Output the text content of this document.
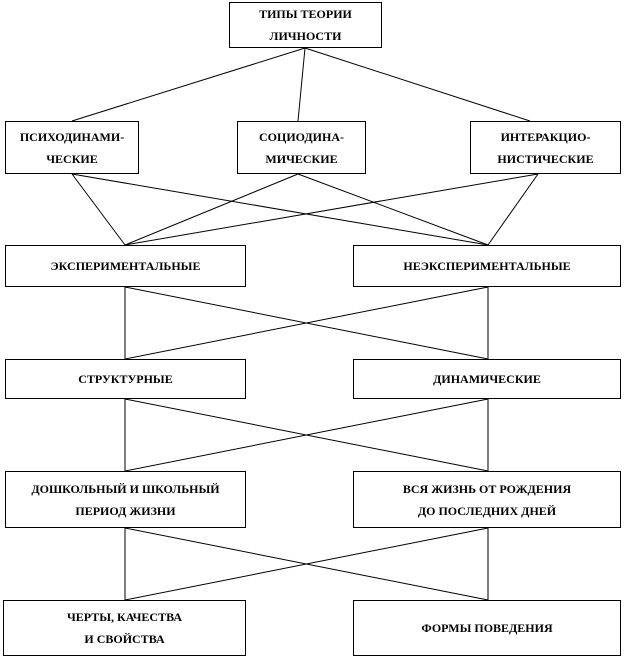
ТИПЫ ТЕОРИИ
ЛИЧНОСТИ
ПСИХОДИНАМИ-
ЧЕСКИЕ
СОЦИОДИНА-
МИЧЕСКИЕ
ИНТЕРАКЦИО-
НИСТИЧЕСКИЕ
ЭКСПЕРИМЕНТАЛЬНЫЕ	НЕЭКСПЕРИМЕНТАЛЬНЫЕ
СТРУКТУРНЫЕ	ДИНАМИЧЕСКИЕ
ДОШКОЛЬНЫЙ И ШКОЛЬНЫЙ
ПЕРИОД ЖИЗНИ
ВСЯ ЖИЗНЬ ОТ РОЖДЕНИЯ
ДО ПОСЛЕДНИХ ДНЕЙ
ЧЕРТЫ, КАЧЕСТВА
И СВОЙСТВА
ФОРМЫ ПОВЕДЕНИЯ
